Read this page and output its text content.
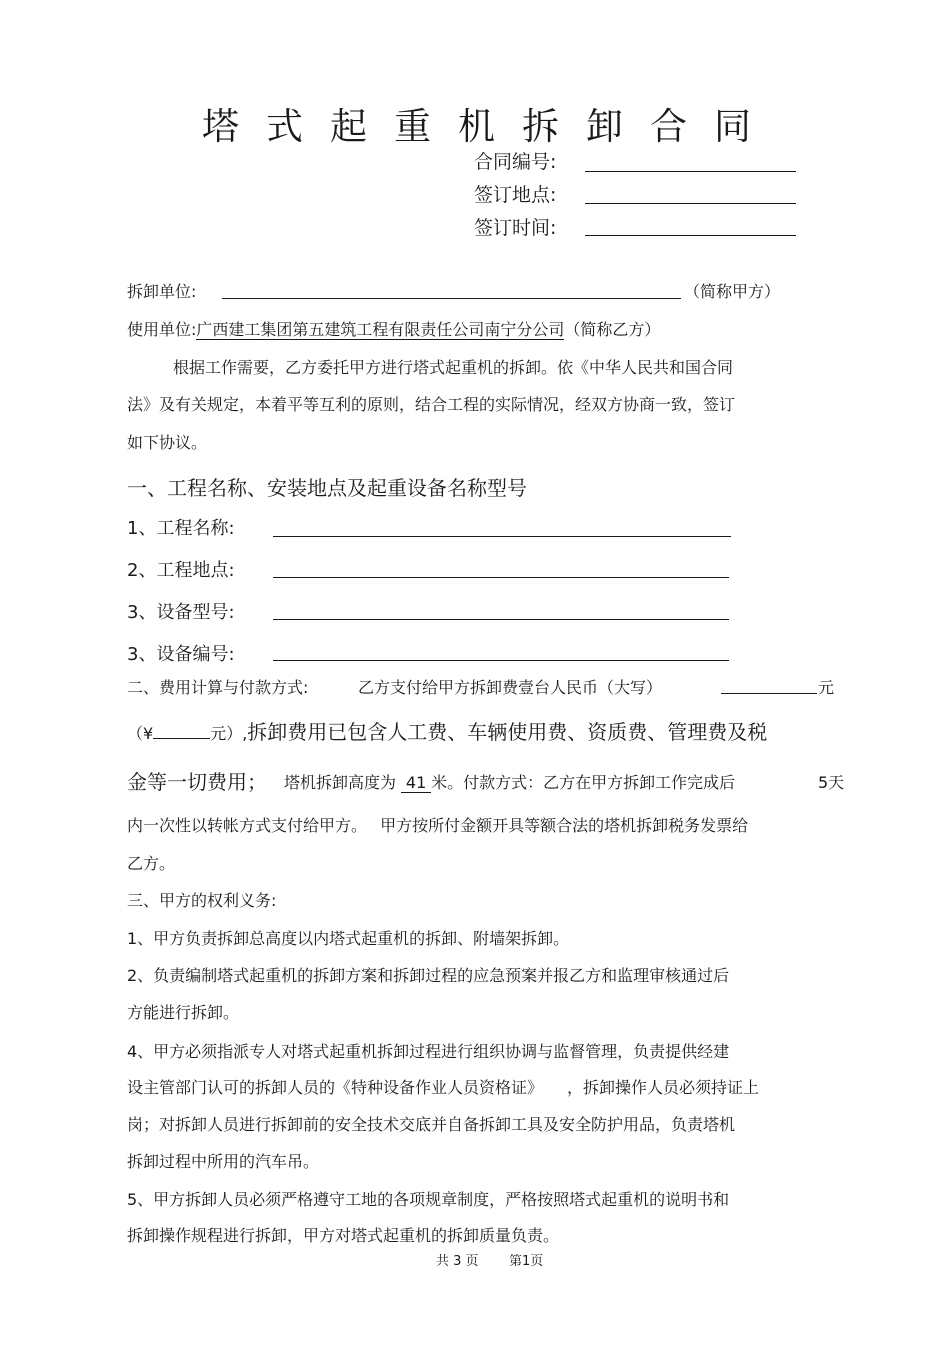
塔式起重机拆卸合同
合同编号:
签订地点:
签订时间:
拆卸单位:	（简称甲方）
使用单位:广西建工集团第五建筑工程有限责任公司南宁分公司（简称乙方）
根据工作需要，乙方委托甲方进行塔式起重机的拆卸。依《中华人民共和国合同
法》及有关规定，本着平等互利的原则，结合工程的实际情况，经双方协商一致，签订
如下协议。
一、工程名称、安装地点及起重设备名称型号
1、工程名称:
2、工程地点:
3、设备型号:
3、设备编号:
二、费用计算与付款方式:	乙方支付给甲方拆卸费壹台人民币（大写）	元
（¥	元）,拆卸费用已包含人工费、车辆使用费、资质费、管理费及税
金等一切费用； 塔机拆卸高度为 41 米。付款方式：乙方在甲方拆卸工作完成后	5天
内一次性以转帐方式支付给甲方。　 甲方按所付金额开具等额合法的塔机拆卸税务发票给
乙方。
三、甲方的权利义务:
1、甲方负责拆卸总高度以内塔式起重机的拆卸、附墙架拆卸。
2、负责编制塔式起重机的拆卸方案和拆卸过程的应急预案并报乙方和监理审核通过后
方能进行拆卸。
4、甲方必须指派专人对塔式起重机拆卸过程进行组织协调与监督管理，负责提供经建
设主管部门认可的拆卸人员的《特种设备作业人员资格证》　　，拆卸操作人员必须持证上
岗；对拆卸人员进行拆卸前的安全技术交底并自备拆卸工具及安全防护用品，负责塔机
拆卸过程中所用的汽车吊。
5、甲方拆卸人员必须严格遵守工地的各项规章制度，严格按照塔式起重机的说明书和
拆卸操作规程进行拆卸，甲方对塔式起重机的拆卸质量负责。
共 3 页 第1页
